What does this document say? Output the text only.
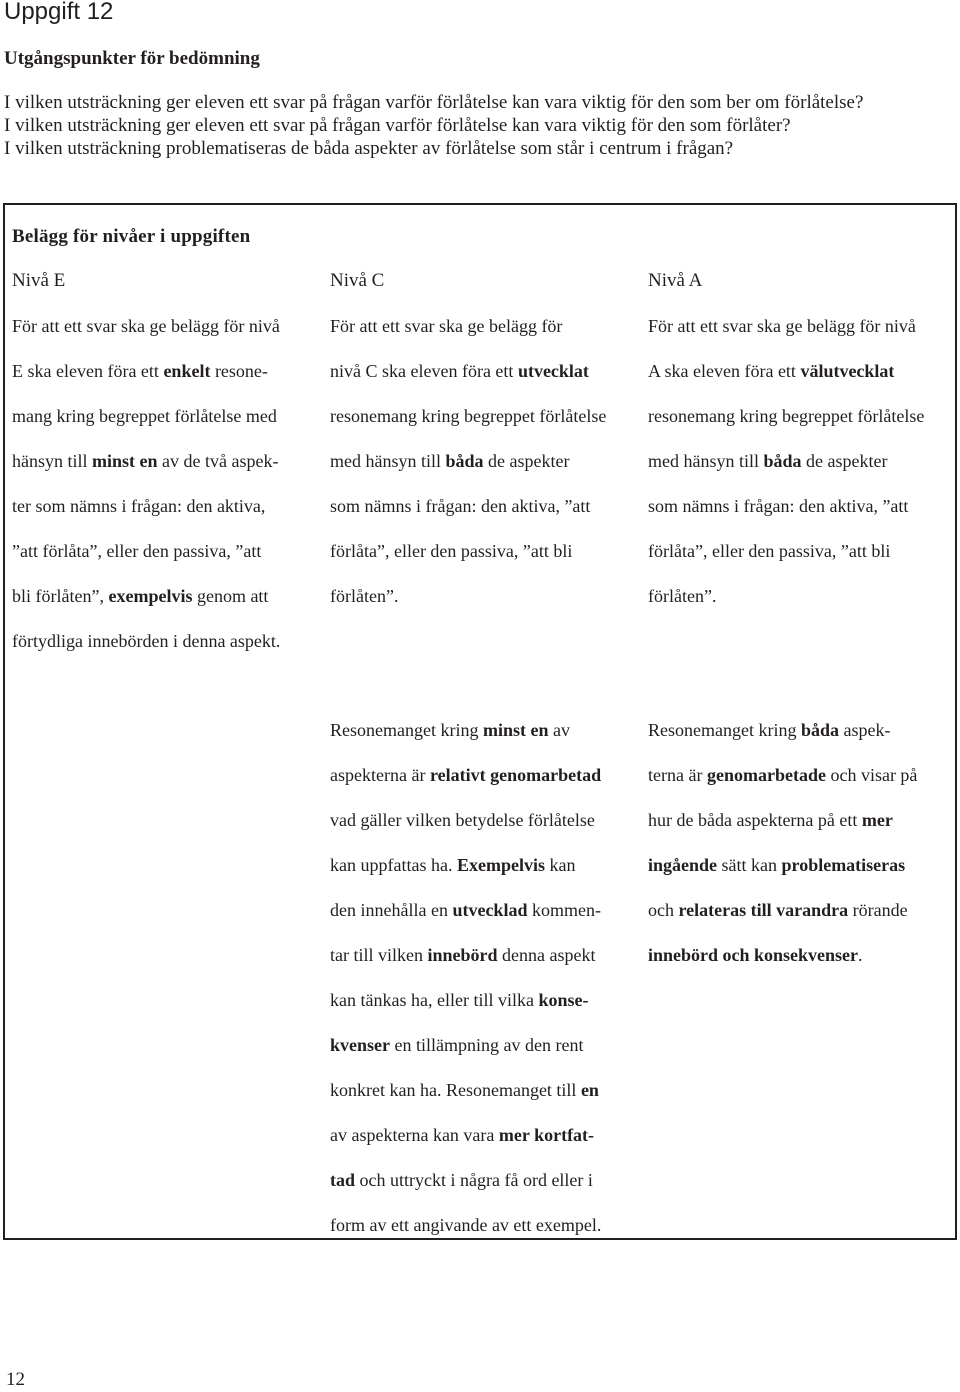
Uppgift 12
Utgångspunkter för bedömning
I vilken utsträckning ger eleven ett svar på frågan varför förlåtelse kan vara viktig för den som ber om förlåtelse?
I vilken utsträckning ger eleven ett svar på frågan varför förlåtelse kan vara viktig för den som förlåter?
I vilken utsträckning problematiseras de båda aspekter av förlåtelse som står i centrum i frågan?
Belägg för nivåer i uppgiften
Nivå E	Nivå C	Nivå A
För att ett svar ska ge belägg för nivå
E ska eleven föra ett enkelt resone-
mang kring begreppet förlåtelse med
hänsyn till minst en av de två aspek-
ter som nämns i frågan: den aktiva,
”att förlåta”, eller den passiva, ”att
bli förlåten”, exempelvis genom att
förtydliga innebörden i denna aspekt.
För att ett svar ska ge belägg för
nivå C ska eleven föra ett utvecklat
resonemang kring begreppet förlåtelse
med hänsyn till båda de aspekter
som nämns i frågan: den aktiva, ”att
förlåta”, eller den passiva, ”att bli
förlåten”.
För att ett svar ska ge belägg för nivå
A ska eleven föra ett välutvecklat
resonemang kring begreppet förlåtelse
med hänsyn till båda de aspekter
som nämns i frågan: den aktiva, ”att
förlåta”, eller den passiva, ”att bli
förlåten”.
Resonemanget kring minst en av
aspekterna är relativt genomarbetad
vad gäller vilken betydelse förlåtelse
kan uppfattas ha. Exempelvis kan
den innehålla en utvecklad kommen-
tar till vilken innebörd denna aspekt
kan tänkas ha, eller till vilka konse-
kvenser en tillämpning av den rent
konkret kan ha. Resonemanget till en
av aspekterna kan vara mer kortfat-
tad och uttryckt i några få ord eller i
form av ett angivande av ett exempel.
Resonemanget kring båda aspek-
terna är genomarbetade och visar på
hur de båda aspekterna på ett mer
ingående sätt kan problematiseras
och relateras till varandra rörande
innebörd och konsekvenser.
12
